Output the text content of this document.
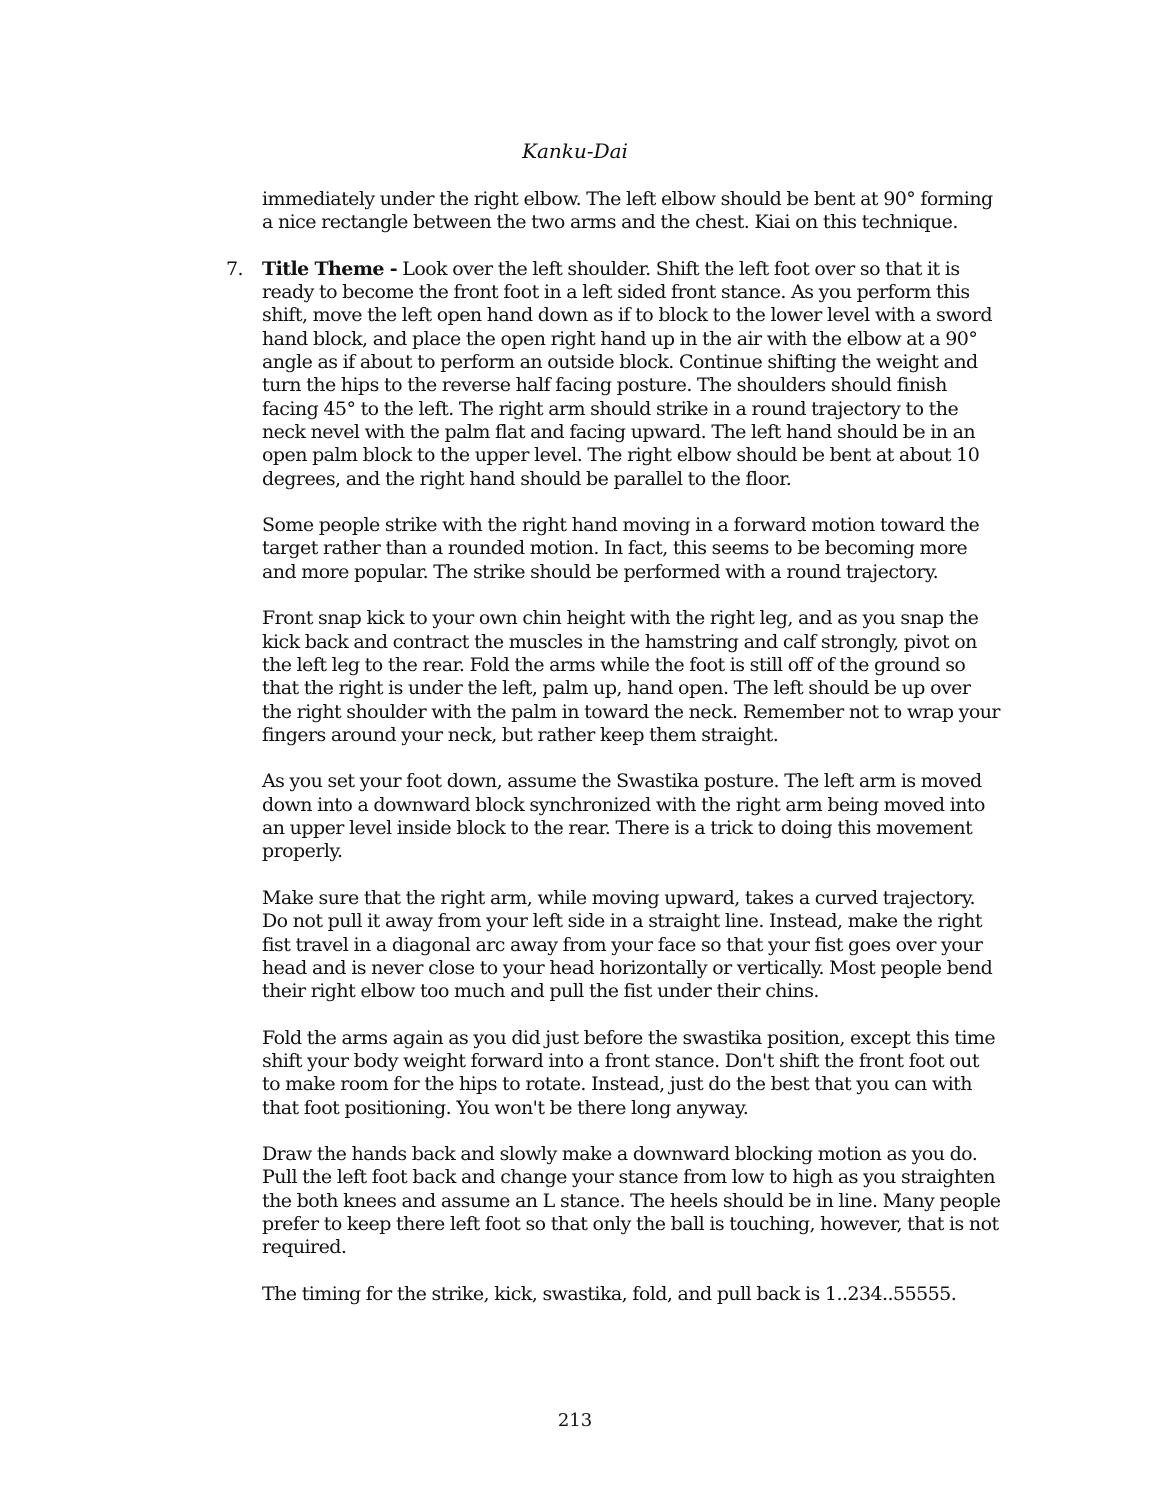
Kanku-Dai

immediately under the right elbow. The left elbow should be bent at 90° forming a nice rectangle between the two arms and the chest. Kiai on this technique.

7. Title Theme - Look over the left shoulder. Shift the left foot over so that it is ready to become the front foot in a left sided front stance. As you perform this shift, move the left open hand down as if to block to the lower level with a sword hand block, and place the open right hand up in the air with the elbow at a 90° angle as if about to perform an outside block. Continue shifting the weight and turn the hips to the reverse half facing posture. The shoulders should finish facing 45° to the left. The right arm should strike in a round trajectory to the neck nevel with the palm flat and facing upward. The left hand should be in an open palm block to the upper level. The right elbow should be bent at about 10 degrees, and the right hand should be parallel to the floor.

Some people strike with the right hand moving in a forward motion toward the target rather than a rounded motion. In fact, this seems to be becoming more and more popular. The strike should be performed with a round trajectory.

Front snap kick to your own chin height with the right leg, and as you snap the kick back and contract the muscles in the hamstring and calf strongly, pivot on the left leg to the rear. Fold the arms while the foot is still off of the ground so that the right is under the left, palm up, hand open. The left should be up over the right shoulder with the palm in toward the neck. Remember not to wrap your fingers around your neck, but rather keep them straight.

As you set your foot down, assume the Swastika posture. The left arm is moved down into a downward block synchronized with the right arm being moved into an upper level inside block to the rear. There is a trick to doing this movement properly.

Make sure that the right arm, while moving upward, takes a curved trajectory. Do not pull it away from your left side in a straight line. Instead, make the right fist travel in a diagonal arc away from your face so that your fist goes over your head and is never close to your head horizontally or vertically. Most people bend their right elbow too much and pull the fist under their chins.

Fold the arms again as you did just before the swastika position, except this time shift your body weight forward into a front stance. Don't shift the front foot out to make room for the hips to rotate. Instead, just do the best that you can with that foot positioning. You won't be there long anyway.

Draw the hands back and slowly make a downward blocking motion as you do. Pull the left foot back and change your stance from low to high as you straighten the both knees and assume an L stance. The heels should be in line. Many people prefer to keep there left foot so that only the ball is touching, however, that is not required.

The timing for the strike, kick, swastika, fold, and pull back is 1..234..55555.

213
